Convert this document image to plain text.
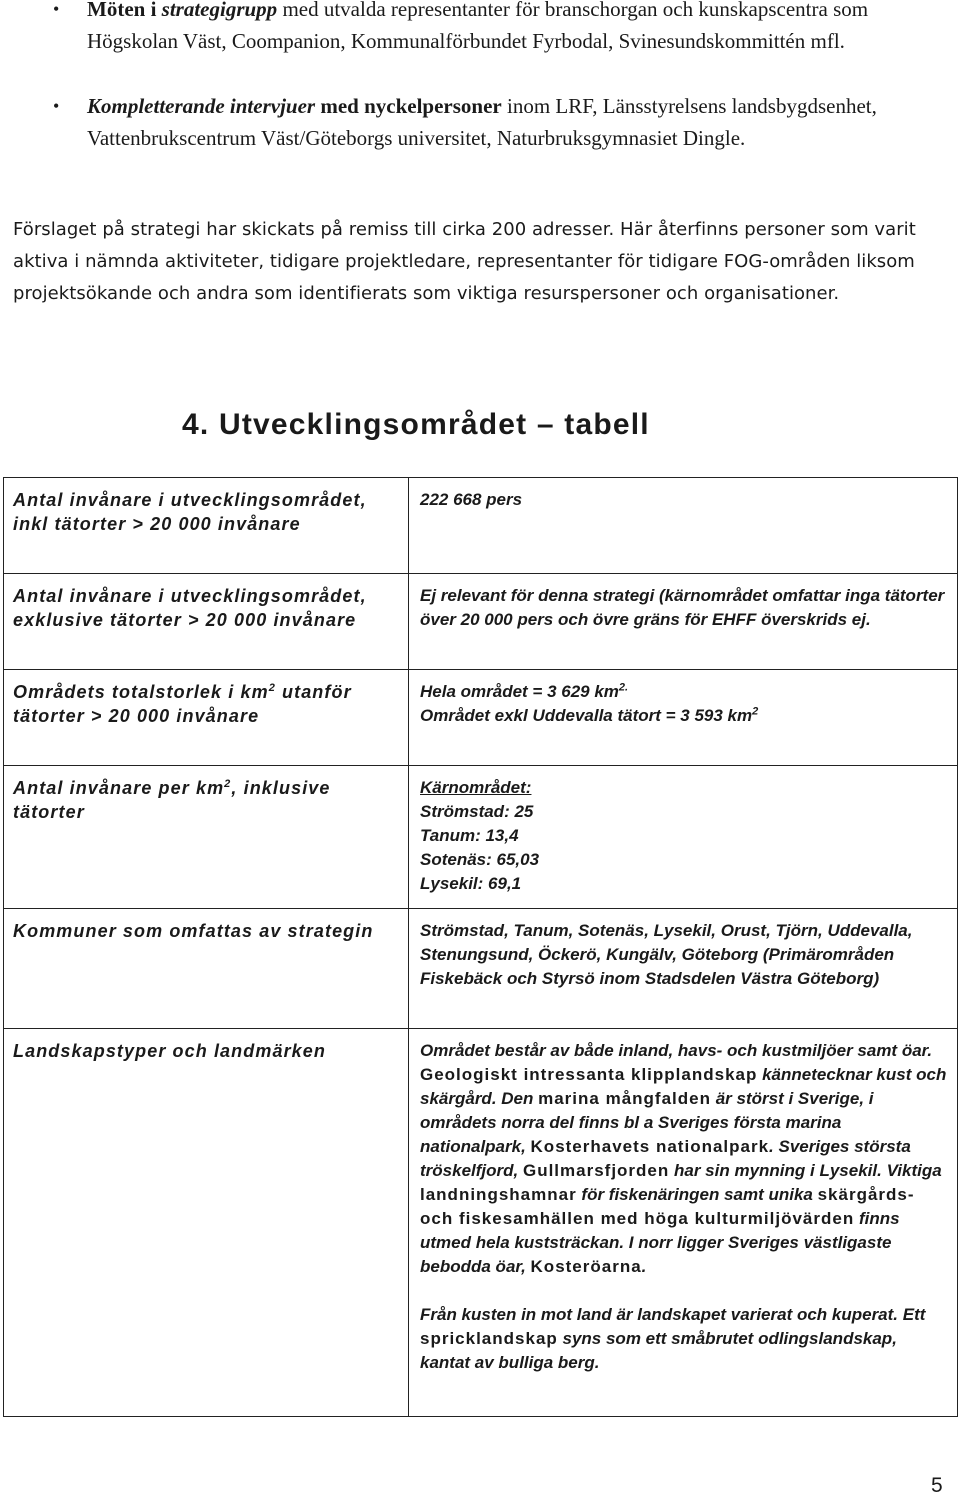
• Möten i strategigrupp med utvalda representanter för branschorgan och kunskapscentra som Högskolan Väst, Coompanion, Kommunalförbundet Fyrbodal, Svinesundskommittén mfl.
• Kompletterande intervjuer med nyckelpersoner inom LRF, Länsstyrelsens landsbygdsenhet, Vattenbrukscentrum Väst/Göteborgs universitet, Naturbruksgymnasiet Dingle.

Förslaget på strategi har skickats på remiss till cirka 200 adresser. Här återfinns personer som varit aktiva i nämnda aktiviteter, tidigare projektledare, representanter för tidigare FOG-områden liksom projektsökande och andra som identifierats som viktiga resurspersoner och organisationer.

4. Utvecklingsområdet – tabell
Antal invånare i utvecklingsområdet, inkl tätorter > 20 000 invånare	222 668 pers
Antal invånare i utvecklingsområdet, exklusive tätorter > 20 000 invånare	Ej relevant för denna strategi (kärnområdet omfattar inga tätorter över 20 000 pers och övre gräns för EHFF överskrids ej.
Områdets totalstorlek i $km^2$ utanför tätorter > 20 000 invånare	Hela området = 3 629 $km^{2.}$
Området exkl Uddevalla tätort = 3 593 $km^2$

Antal invånare per $km^2$, inklusive tätorter	Kärnområdet:
Strömstad: 25
Tanum: 13,4
Sotenäs: 65,03
Lysekil: 69,1

Kommuner som omfattas av strategin	Strömstad, Tanum, Sotenäs, Lysekil, Orust, Tjörn, Uddevalla, Stenungsund, Öckerö, Kungälv, Göteborg (Primärområden Fiskebäck och Styrsö inom Stadsdelen Västra Göteborg)
Landskapstyper och landmärken	Området består av både inland, havs- och kustmiljöer samt öar. Geologiskt intressanta klipplandskap kännetecknar kust och skärgård. Den marina mångfalden är störst i Sverige, i områdets norra del finns bl a Sveriges första marina nationalpark, Kosterhavets nationalpark. Sveriges största tröskelfjord, Gullmarsfjorden har sin mynning i Lysekil. Viktiga landningshamnar för fiskenäringen samt unika skärgårds- och fiskesamhällen med höga kulturmiljövärden finns utmed hela kuststräckan. I norr ligger Sveriges västligaste bebodda öar, Kosteröarna.
Från kusten in mot land är landskapet varierat och kuperat. Ett spricklandskap syns som ett småbrutet odlingslandskap, kantat av bulliga berg.
5
